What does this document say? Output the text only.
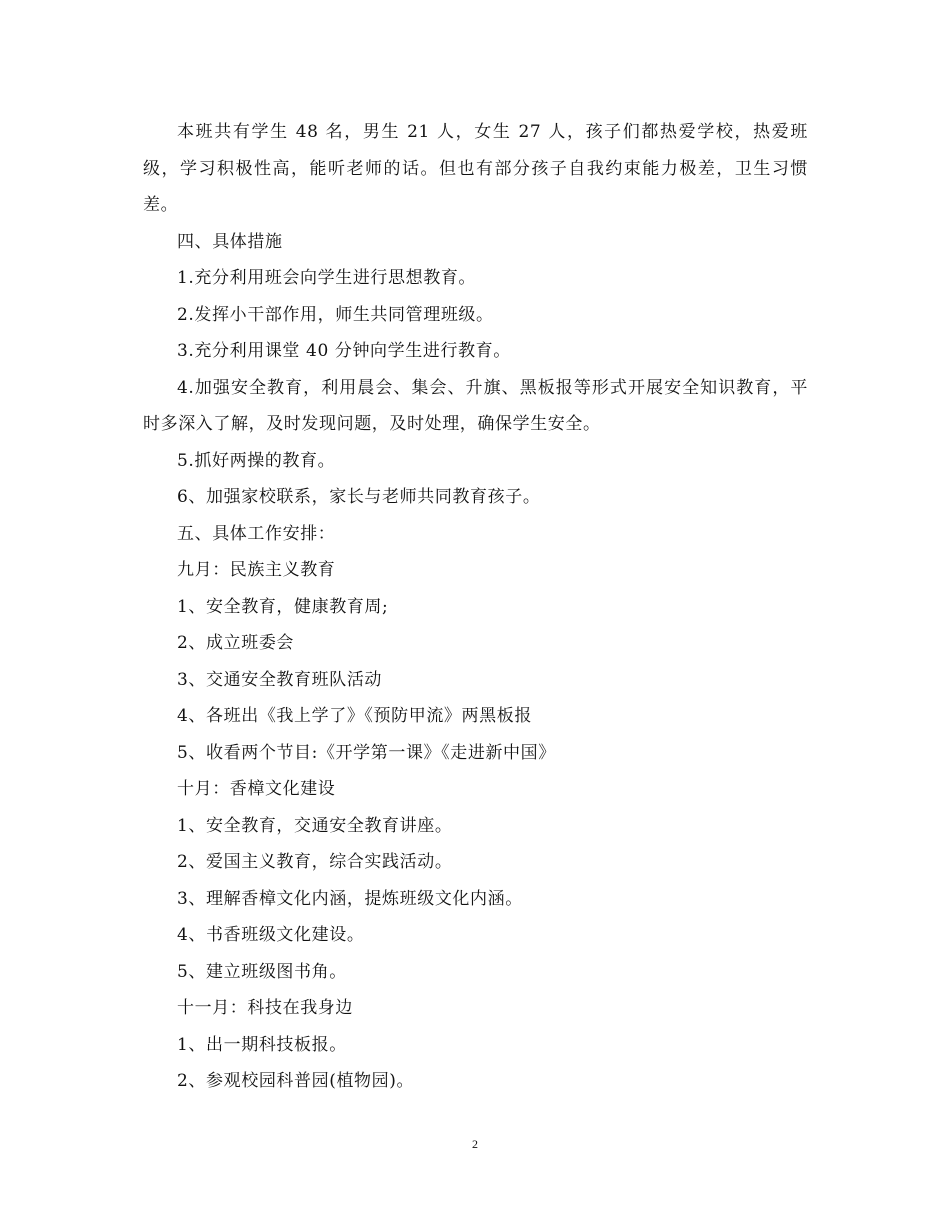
本班共有学生 48 名，男生 21 人，女生 27 人，孩子们都热爱学校，热爱班级，学习积极性高，能听老师的话。但也有部分孩子自我约束能力极差，卫生习惯差。

四、具体措施

1.充分利用班会向学生进行思想教育。

2.发挥小干部作用，师生共同管理班级。

3.充分利用课堂 40 分钟向学生进行教育。

4.加强安全教育，利用晨会、集会、升旗、黑板报等形式开展安全知识教育，平时多深入了解，及时发现问题，及时处理，确保学生安全。

5.抓好两操的教育。

6、加强家校联系，家长与老师共同教育孩子。

五、具体工作安排：

九月：民族主义教育

1、安全教育，健康教育周;

2、成立班委会

3、交通安全教育班队活动

4、各班出《我上学了》《预防甲流》两黑板报

5、收看两个节目:《开学第一课》《走进新中国》

十月：香樟文化建设

1、安全教育，交通安全教育讲座。

2、爱国主义教育，综合实践活动。

3、理解香樟文化内涵，提炼班级文化内涵。

4、书香班级文化建设。

5、建立班级图书角。

十一月：科技在我身边

1、出一期科技板报。

2、参观校园科普园(植物园)。

2
